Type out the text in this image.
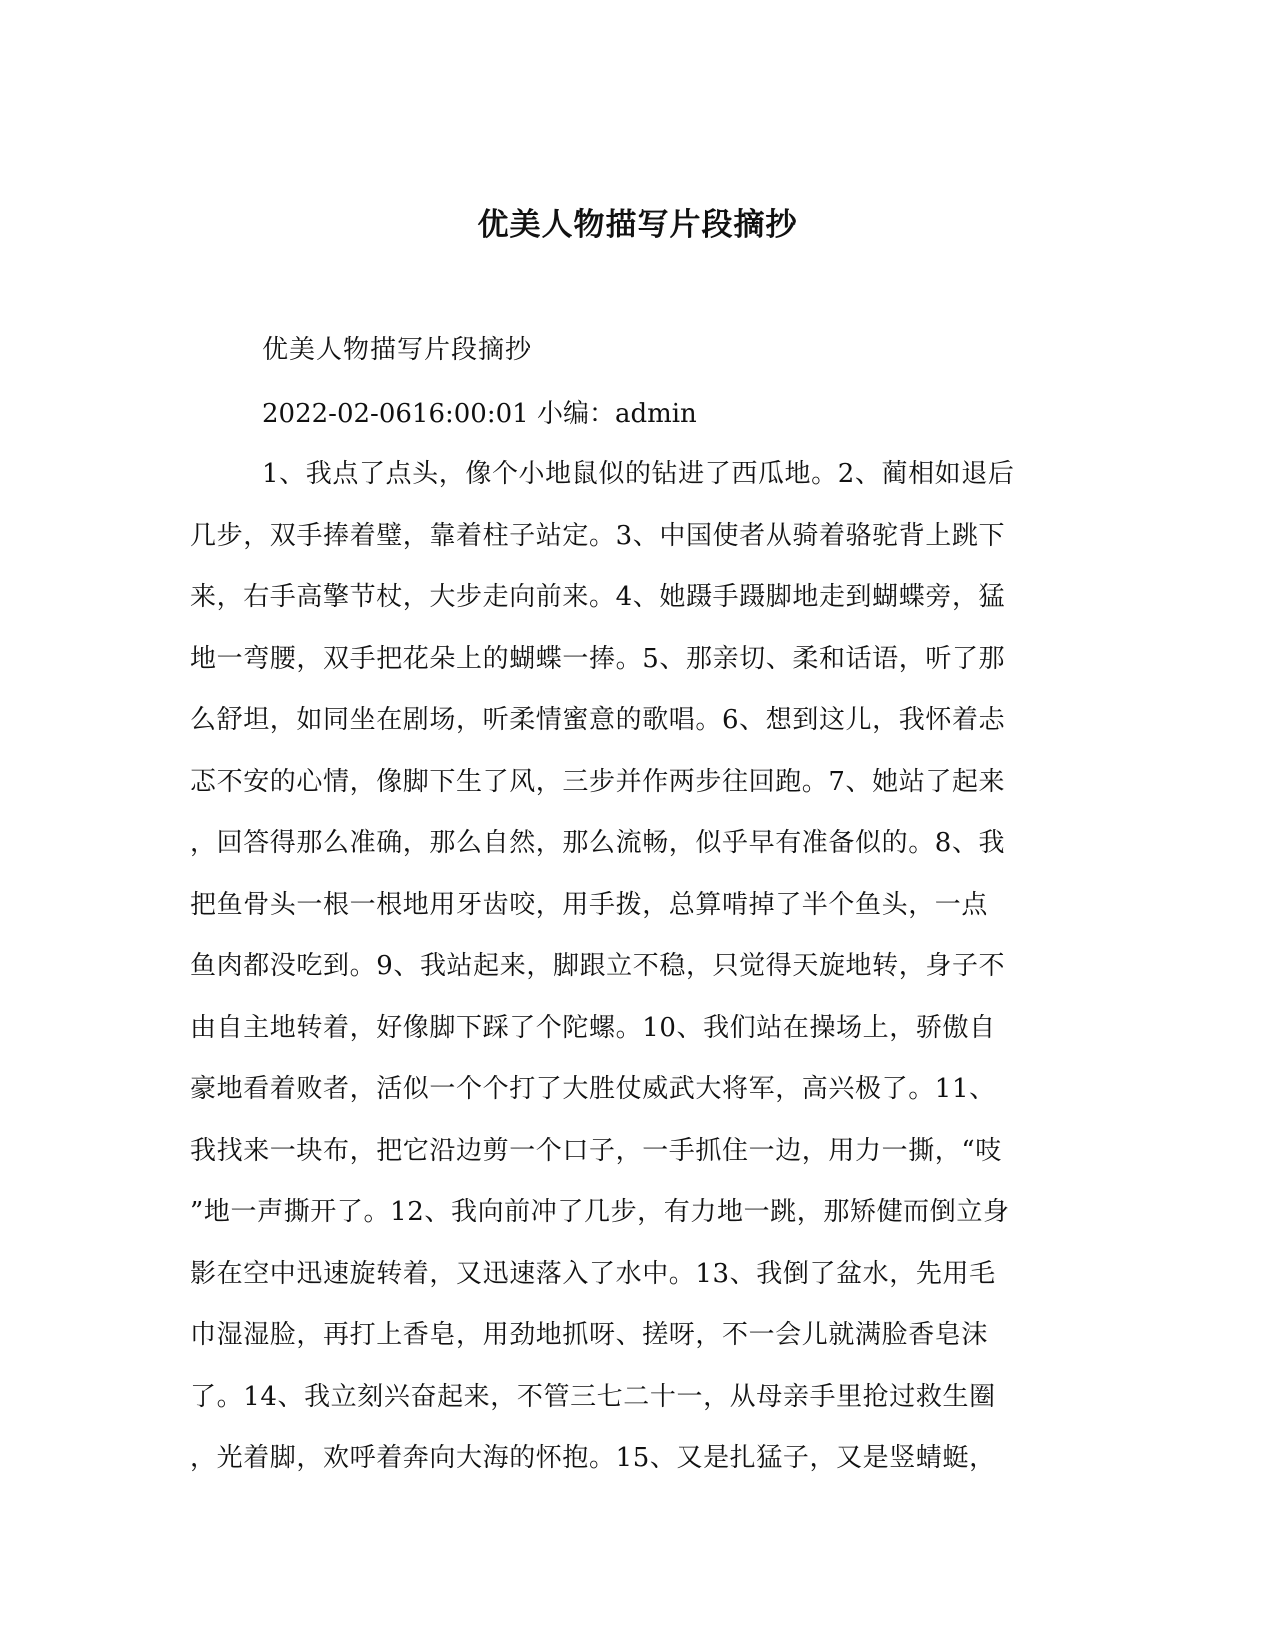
优美人物描写片段摘抄

优美人物描写片段摘抄

2022-02-0616:00:01 小编：admin

1、我点了点头，像个小地鼠似的钻进了西瓜地。2、蔺相如退后
几步，双手捧着璧，靠着柱子站定。3、中国使者从骑着骆驼背上跳下
来，右手高擎节杖，大步走向前来。4、她蹑手蹑脚地走到蝴蝶旁，猛
地一弯腰，双手把花朵上的蝴蝶一捧。5、那亲切、柔和话语，听了那
么舒坦，如同坐在剧场，听柔情蜜意的歌唱。6、想到这儿，我怀着忐
忑不安的心情，像脚下生了风，三步并作两步往回跑。7、她站了起来
，回答得那么准确，那么自然，那么流畅，似乎早有准备似的。8、我
把鱼骨头一根一根地用牙齿咬，用手拨，总算啃掉了半个鱼头，一点
鱼肉都没吃到。9、我站起来，脚跟立不稳，只觉得天旋地转，身子不
由自主地转着，好像脚下踩了个陀螺。10、我们站在操场上，骄傲自
豪地看着败者，活似一个个打了大胜仗威武大将军，高兴极了。11、
我找来一块布，把它沿边剪一个口子，一手抓住一边，用力一撕，“吱
”地一声撕开了。12、我向前冲了几步，有力地一跳，那矫健而倒立身
影在空中迅速旋转着，又迅速落入了水中。13、我倒了盆水，先用毛
巾湿湿脸，再打上香皂，用劲地抓呀、搓呀，不一会儿就满脸香皂沫
了。14、我立刻兴奋起来，不管三七二十一，从母亲手里抢过救生圈
，光着脚，欢呼着奔向大海的怀抱。15、又是扎猛子，又是竖蜻蜓，
